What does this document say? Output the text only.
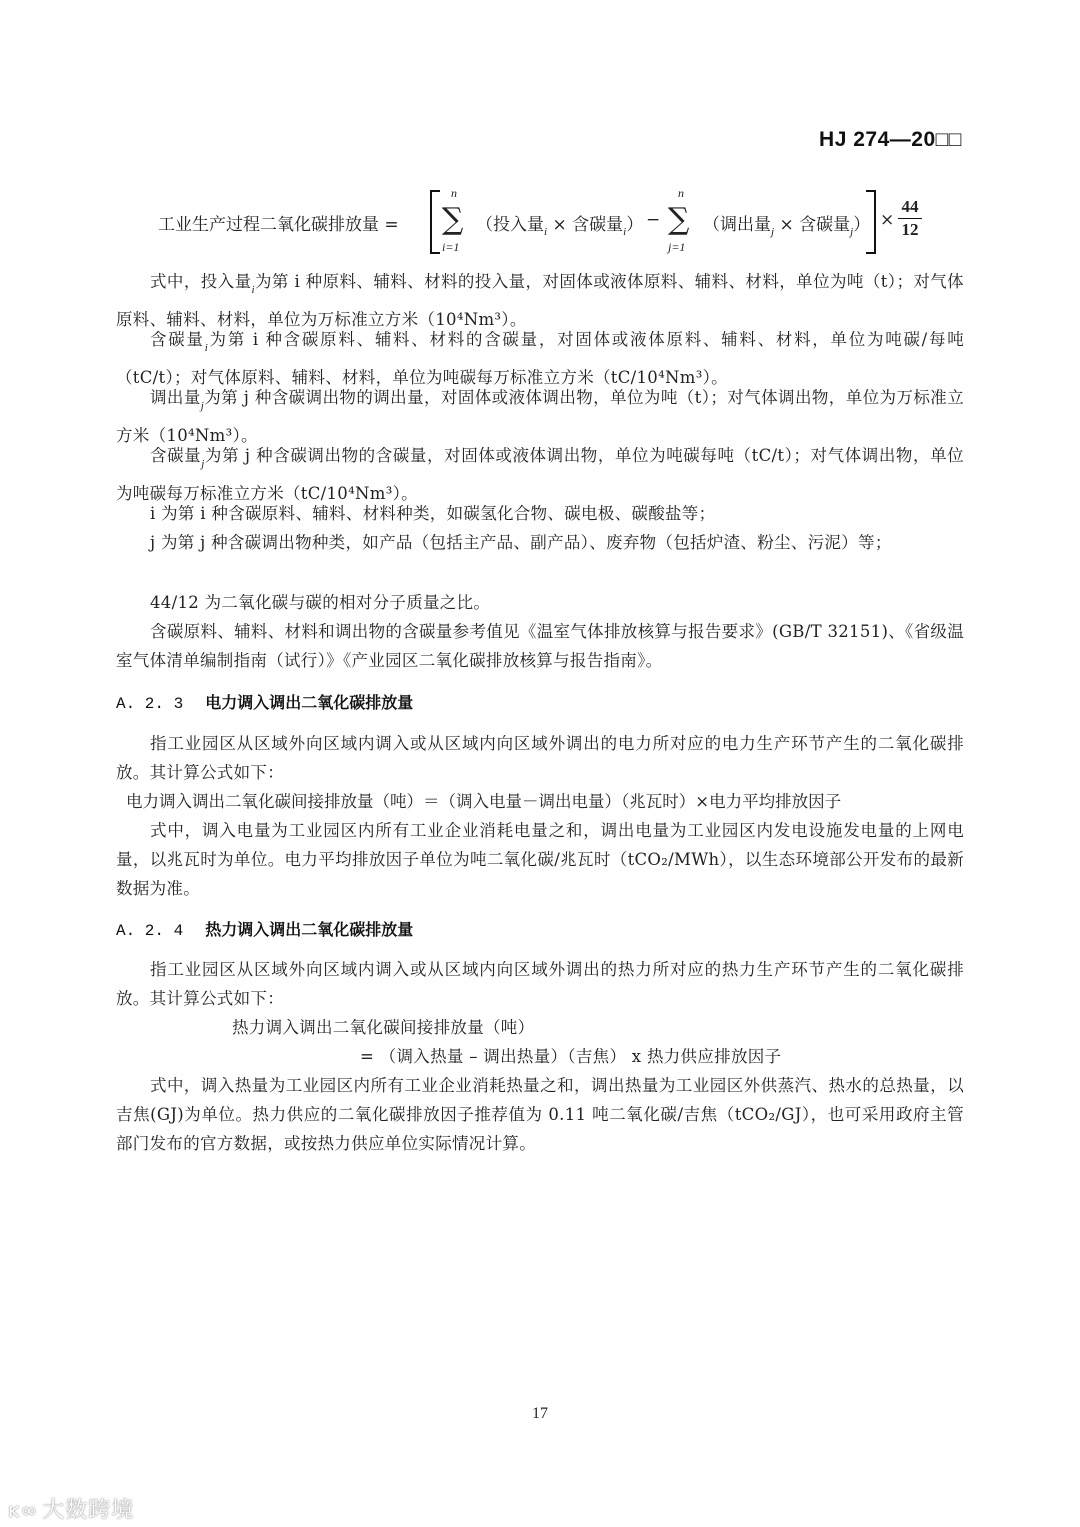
HJ 274—20□□
工业生产过程二氧化碳排放量 =
n
∑
i=1
（投入量$_i$ × 含碳量$_i$） −
n
∑
j=1
（调出量$_j$ × 含碳量$_j) \times \frac{44}{12}$
式中，投入量$_i$为第 i 种原料、辅料、材料的投入量，对固体或液体原料、辅料、材料，单位为吨（t）；对气体原料、辅料、材料，单位为万标准立方米（10⁴Nm³）。
含碳量$_i$为第 i 种含碳原料、辅料、材料的含碳量，对固体或液体原料、辅料、材料，单位为吨碳/每吨（tC/t）；对气体原料、辅料、材料，单位为吨碳每万标准立方米（tC/10⁴Nm³）。
调出量$_j$为第 j 种含碳调出物的调出量，对固体或液体调出物，单位为吨（t）；对气体调出物，单位为万标准立方米（10⁴Nm³）。
含碳量$_j$为第 j 种含碳调出物的含碳量，对固体或液体调出物，单位为吨碳每吨（tC/t）；对气体调出物，单位为吨碳每万标准立方米（tC/10⁴Nm³）。
i 为第 i 种含碳原料、辅料、材料种类，如碳氢化合物、碳电极、碳酸盐等；
j 为第 j 种含碳调出物种类，如产品（包括主产品、副产品）、废弃物（包括炉渣、粉尘、污泥）等；
44/12 为二氧化碳与碳的相对分子质量之比。
含碳原料、辅料、材料和调出物的含碳量参考值见《温室气体排放核算与报告要求》(GB/T 32151)、《省级温室气体清单编制指南（试行）》《产业园区二氧化碳排放核算与报告指南》。
A. 2. 3 电力调入调出二氧化碳排放量
指工业园区从区域外向区域内调入或从区域内向区域外调出的电力所对应的电力生产环节产生的二氧化碳排放。其计算公式如下：
电力调入调出二氧化碳间接排放量（吨）＝（调入电量－调出电量）（兆瓦时）×电力平均排放因子
式中，调入电量为工业园区内所有工业企业消耗电量之和，调出电量为工业园区内发电设施发电量的上网电量，以兆瓦时为单位。电力平均排放因子单位为吨二氧化碳/兆瓦时（tCO₂/MWh），以生态环境部公开发布的最新数据为准。
A. 2. 4 热力调入调出二氧化碳排放量
指工业园区从区域外向区域内调入或从区域内向区域外调出的热力所对应的热力生产环节产生的二氧化碳排放。其计算公式如下：
热力调入调出二氧化碳间接排放量（吨）
= （调入热量 – 调出热量）（吉焦） x 热力供应排放因子
式中，调入热量为工业园区内所有工业企业消耗热量之和，调出热量为工业园区外供蒸汽、热水的总热量，以吉焦(GJ)为单位。热力供应的二氧化碳排放因子推荐值为 0.11 吨二氧化碳/吉焦（tCO₂/GJ），也可采用政府主管部门发布的官方数据，或按热力供应单位实际情况计算。
17
ᴋ∞ 大数跨境
